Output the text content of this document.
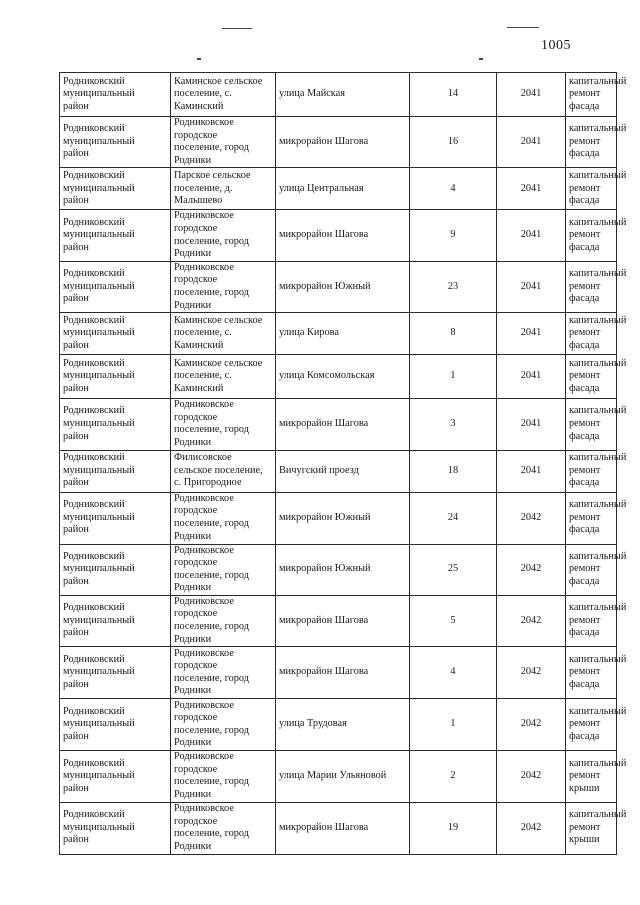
1005
Родниковский
муниципальный
район	Каминское сельское
поселение, с.
Каминский	улица Майская	14	2041	капитальный
ремонт фасада

Родниковский
муниципальный
район	Родниковское
городское
поселение, город
Родники	микрорайон Шагова	16	2041	капитальный
ремонт фасада

Родниковский
муниципальный
район	Парское сельское
поселение, д.
Малышево	улица Центральная	4	2041	капитальный
ремонт фасада

Родниковский
муниципальный
район	Родниковское
городское
поселение, город
Родники	микрорайон Шагова	9	2041	капитальный
ремонт фасада

Родниковский
муниципальный
район	Родниковское
городское
поселение, город
Родники	микрорайон Южный	23	2041	капитальный
ремонт фасада

Родниковский
муниципальный
район	Каминское сельское
поселение, с.
Каминский	улица Кирова	8	2041	капитальный
ремонт фасада

Родниковский
муниципальный
район	Каминское сельское
поселение, с.
Каминский	улица Комсомольская	1	2041	капитальный
ремонт фасада

Родниковский
муниципальный
район	Родниковское
городское
поселение, город
Родники	микрорайон Шагова	3	2041	капитальный
ремонт фасада

Родниковский
муниципальный
район	Филисовское
сельское поселение,
с. Пригородное	Вичугский проезд	18	2041	капитальный
ремонт фасада

Родниковский
муниципальный
район	Родниковское
городское
поселение, город
Родники	микрорайон Южный	24	2042	капитальный
ремонт фасада

Родниковский
муниципальный
район	Родниковское
городское
поселение, город
Родники	микрорайон Южный	25	2042	капитальный
ремонт фасада

Родниковский
муниципальный
район	Родниковское
городское
поселение, город
Родники	микрорайон Шагова	5	2042	капитальный
ремонт фасада

Родниковский
муниципальный
район	Родниковское
городское
поселение, город
Родники	микрорайон Шагова	4	2042	капитальный
ремонт фасада

Родниковский
муниципальный
район	Родниковское
городское
поселение, город
Родники	улица Трудовая	1	2042	капитальный
ремонт фасада

Родниковский
муниципальный
район	Родниковское
городское
поселение, город
Родники	улица Марии Ульяновой	2	2042	капитальный
ремонт крыши

Родниковский
муниципальный
район	Родниковское
городское
поселение, город
Родники	микрорайон Шагова	19	2042	капитальный
ремонт крыши
